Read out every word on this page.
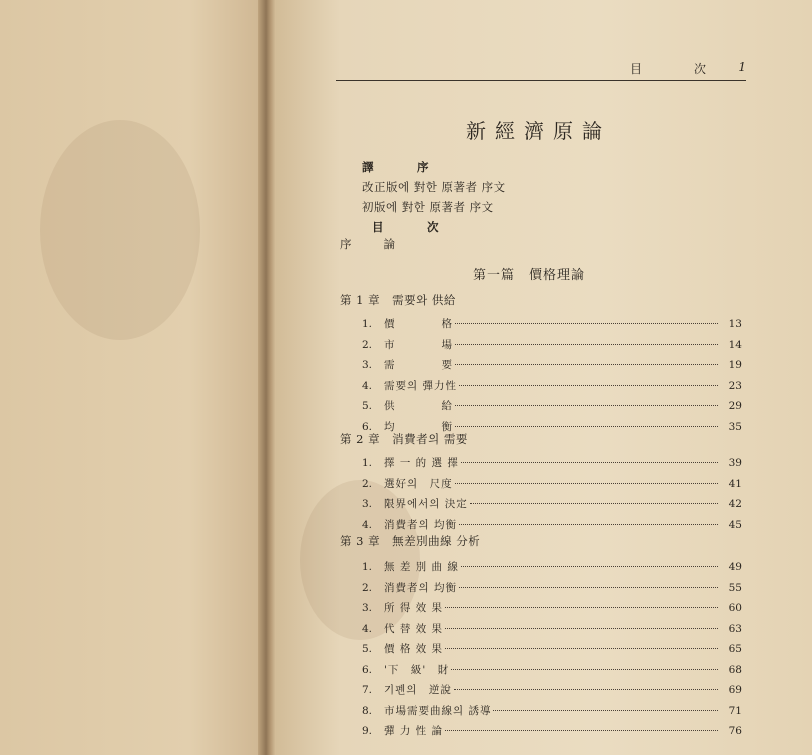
目　次 1
新經濟原論
譯　序
改正版에 對한 原著者 序文
初版에 對한 原著者 序文
目　次
序　　論
第一篇　價格理論
第 1 章　需要와 供給
1.	價　　　　格	13
2.	市　　　　場	14
3.	需　　　　要	19
4.	需要의 彈力性	23
5.	供　　　　給	29
6.	均　　　　衡	35
第 2 章　消費者의 需要
1.	擇 一 的 選 擇	39
2.	選好의　尺度	41
3.	限界에서의 決定	42
4.	消費者의 均衡	45
第 3 章　無差別曲線 分析
1.	無 差 別 曲 線	49
2.	消費者의 均衡	55
3.	所 得 效 果	60
4.	代 替 效 果	63
5.	價 格 效 果	65
6.	'下　級'　財	68
7.	기펜의　逆說	69
8.	市場需要曲線의 誘導	71
9.	彈 力 性 論	76
